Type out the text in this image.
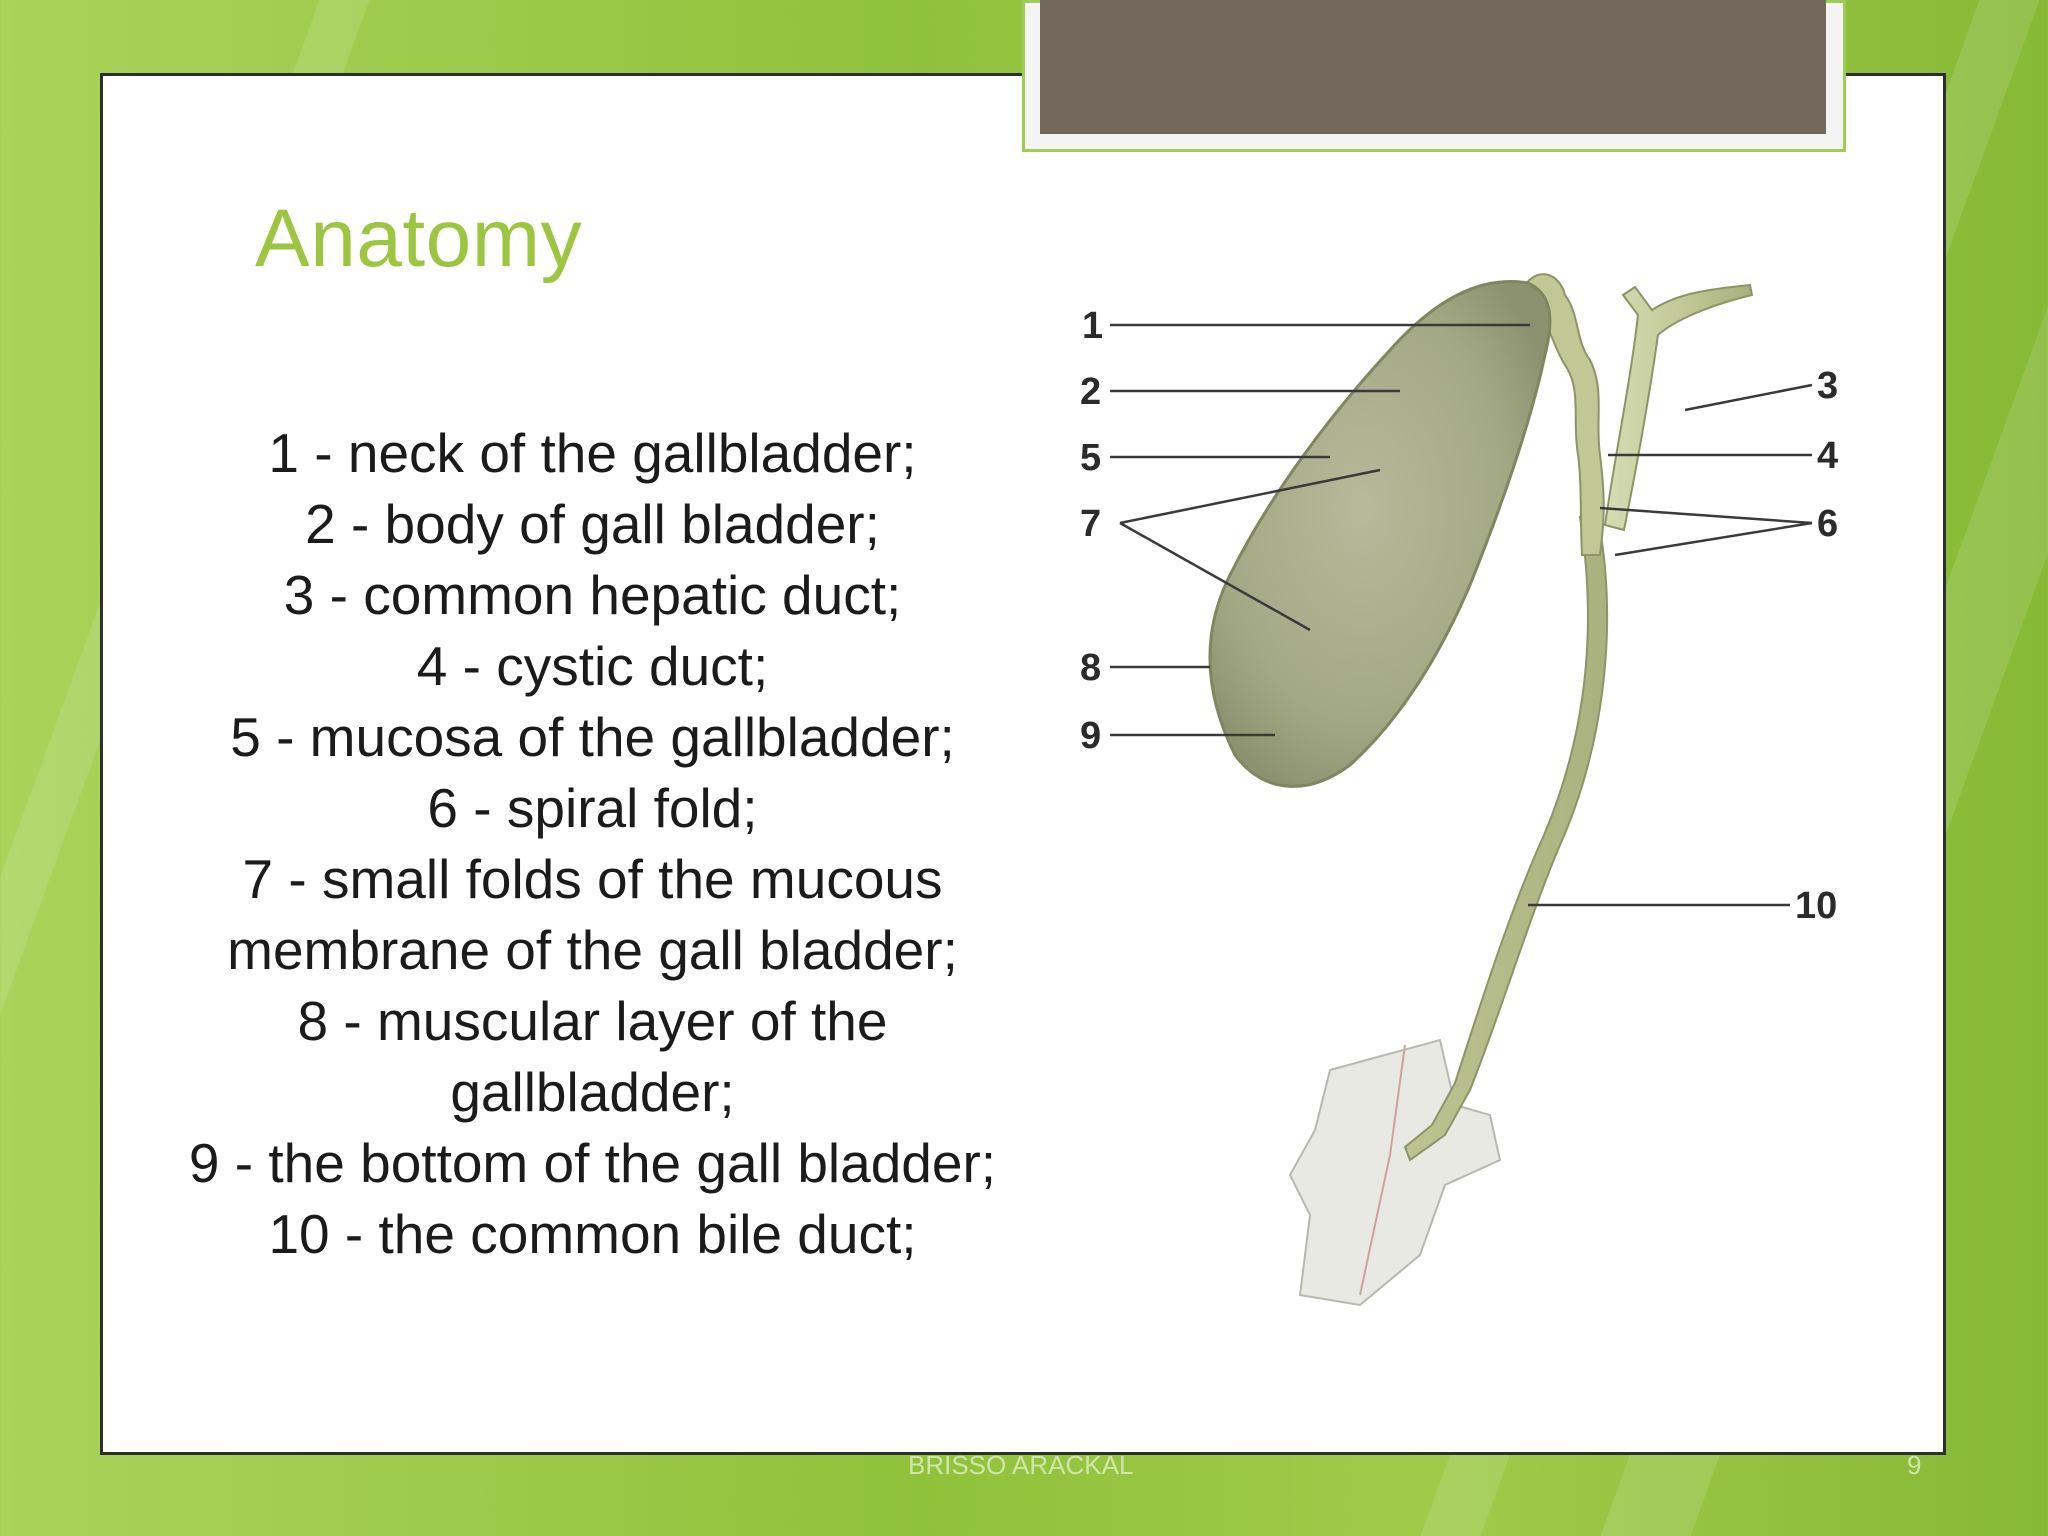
Anatomy
1 - neck of the gallbladder;
2 - body of gall bladder;
3 - common hepatic duct;
4 - cystic duct;
5 - mucosa of the gallbladder;
6 - spiral fold;
7 - small folds of the mucous
membrane of the gall bladder;
8 - muscular layer of the
gallbladder;
9 - the bottom of the gall bladder;
10 - the common bile duct;
1
2
5
7
8
9
3
4
6
10
BRISSO ARACKAL	9
